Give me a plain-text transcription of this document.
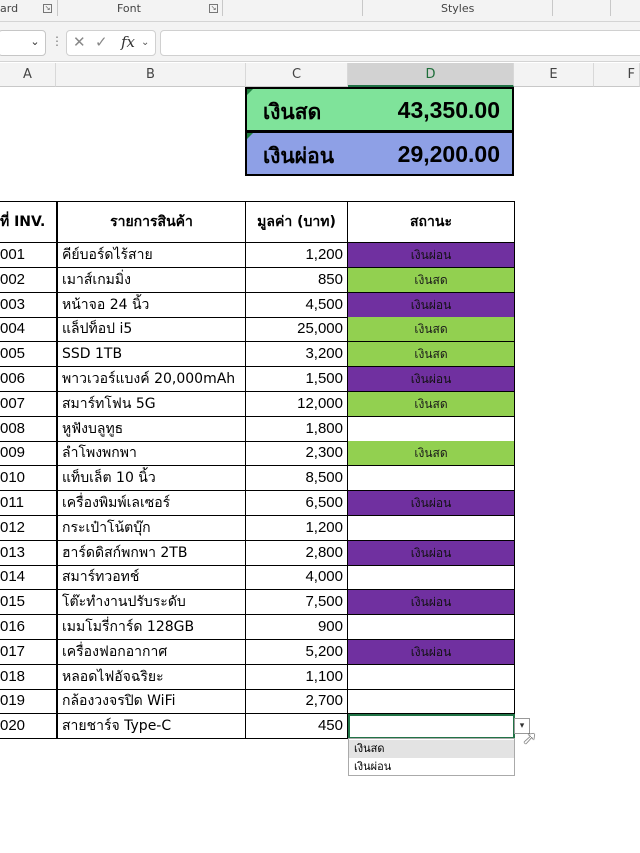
ard	↘	Font	↘	Styles
⌄ ⋮ ✕ ✓ fx ⌄
A	B	C	D	E	F
เงินสด	43,350.00
เงินผ่อน	29,200.00
ที่ INV.	รายการสินค้า	มูลค่า (บาท)	สถานะ
001	คีย์บอร์ดไร้สาย	1,200	เงินผ่อน
002	เมาส์เกมมิ่ง	850	เงินสด
003	หน้าจอ 24 นิ้ว	4,500	เงินผ่อน
004	แล็ปท็อป i5	25,000	เงินสด
005	SSD 1TB	3,200	เงินสด
006	พาวเวอร์แบงค์ 20,000mAh	1,500	เงินผ่อน
007	สมาร์ทโฟน 5G	12,000	เงินสด
008	หูฟังบลูทูธ	1,800
009	ลำโพงพกพา	2,300	เงินสด
010	แท็บเล็ต 10 นิ้ว	8,500
011	เครื่องพิมพ์เลเซอร์	6,500	เงินผ่อน
012	กระเป๋าโน้ตบุ๊ก	1,200
013	ฮาร์ดดิสก์พกพา 2TB	2,800	เงินผ่อน
014	สมาร์ทวอทช์	4,000
015	โต๊ะทำงานปรับระดับ	7,500	เงินผ่อน
016	เมมโมรี่การ์ด 128GB	900
017	เครื่องฟอกอากาศ	5,200	เงินผ่อน
018	หลอดไฟอัจฉริยะ	1,100
019	กล้องวงจรปิด WiFi	2,700
020	สายชาร์จ Type-C	450	▾
เงินสด
เงินผ่อน
➚
